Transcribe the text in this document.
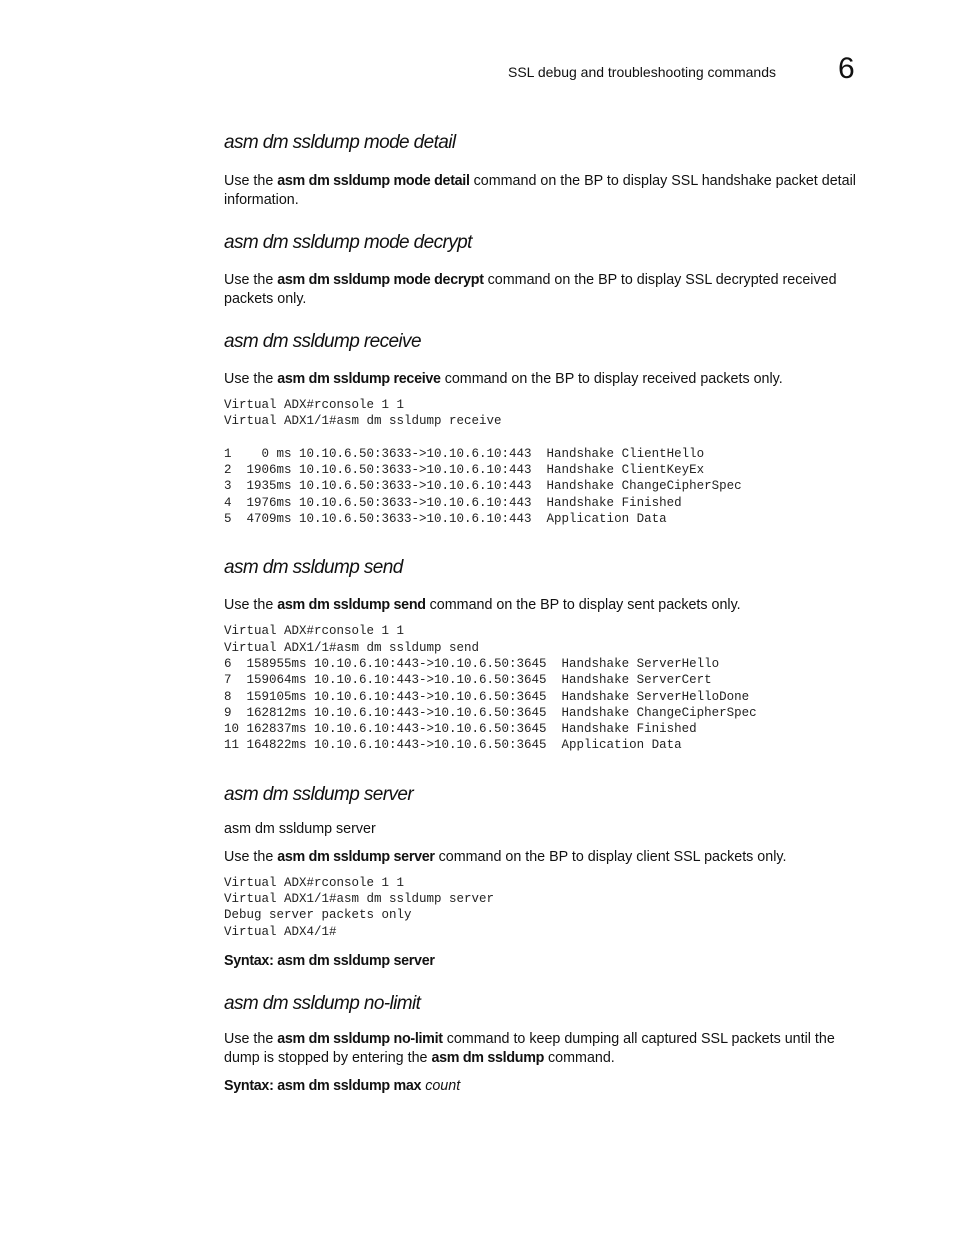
SSL debug and troubleshooting commands 6
asm dm ssldump mode detail

Use the asm dm ssldump mode detail command on the BP to display SSL handshake packet detail information.

asm dm ssldump mode decrypt

Use the asm dm ssldump mode decrypt command on the BP to display SSL decrypted received packets only.

asm dm ssldump receive

Use the asm dm ssldump receive command on the BP to display received packets only.

Virtual ADX#rconsole 1 1
Virtual ADX1/1#asm dm ssldump receive

1    0 ms 10.10.6.50:3633->10.10.6.10:443  Handshake ClientHello
2  1906ms 10.10.6.50:3633->10.10.6.10:443  Handshake ClientKeyEx
3  1935ms 10.10.6.50:3633->10.10.6.10:443  Handshake ChangeCipherSpec
4  1976ms 10.10.6.50:3633->10.10.6.10:443  Handshake Finished
5  4709ms 10.10.6.50:3633->10.10.6.10:443  Application Data
asm dm ssldump send

Use the asm dm ssldump send command on the BP to display sent packets only.

Virtual ADX#rconsole 1 1
Virtual ADX1/1#asm dm ssldump send
6  158955ms 10.10.6.10:443->10.10.6.50:3645  Handshake ServerHello
7  159064ms 10.10.6.10:443->10.10.6.50:3645  Handshake ServerCert
8  159105ms 10.10.6.10:443->10.10.6.50:3645  Handshake ServerHelloDone
9  162812ms 10.10.6.10:443->10.10.6.50:3645  Handshake ChangeCipherSpec
10 162837ms 10.10.6.10:443->10.10.6.50:3645  Handshake Finished
11 164822ms 10.10.6.10:443->10.10.6.50:3645  Application Data
asm dm ssldump server

asm dm ssldump server

Use the asm dm ssldump server command on the BP to display client SSL packets only.

Virtual ADX#rconsole 1 1
Virtual ADX1/1#asm dm ssldump server
Debug server packets only
Virtual ADX4/1#

Syntax: asm dm ssldump server

asm dm ssldump no-limit

Use the asm dm ssldump no-limit command to keep dumping all captured SSL packets until the dump is stopped by entering the asm dm ssldump command.

Syntax: asm dm ssldump max count
